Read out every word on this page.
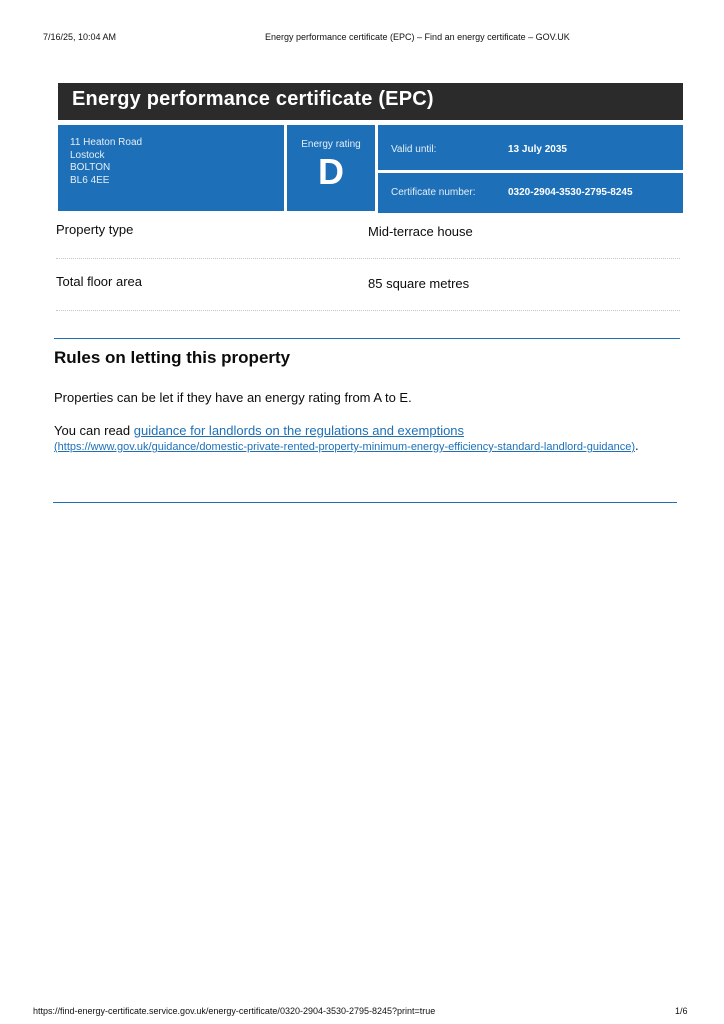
7/16/25, 10:04 AM	Energy performance certificate (EPC) – Find an energy certificate – GOV.UK
Energy performance certificate (EPC)
11 Heaton Road
Lostock
BOLTON
BL6 4EE
Energy rating
D
Valid until:	13 July 2035
Certificate number:	0320-2904-3530-2795-8245
Property type	Mid-terrace house
Total floor area	85 square metres
Rules on letting this property
Properties can be let if they have an energy rating from A to E.
You can read guidance for landlords on the regulations and exemptions
(https://www.gov.uk/guidance/domestic-private-rented-property-minimum-energy-efficiency-standard-landlord-guidance).
https://find-energy-certificate.service.gov.uk/energy-certificate/0320-2904-3530-2795-8245?print=true	1/6
